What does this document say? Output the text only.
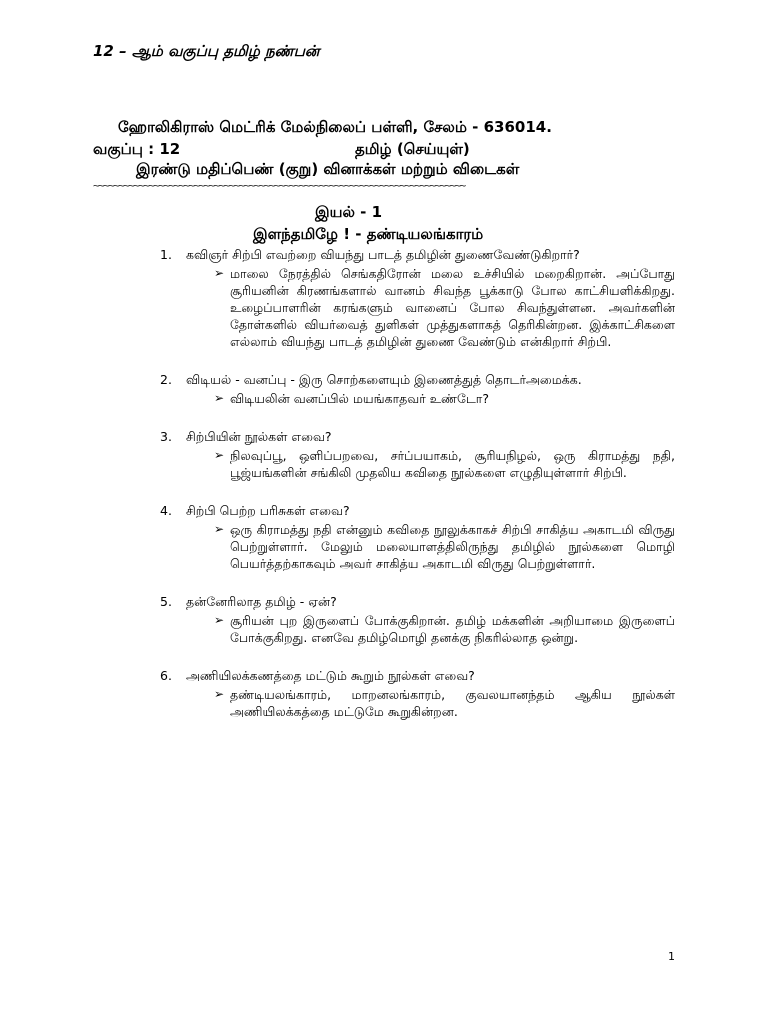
12 – ஆம் வகுப்பு தமிழ் நண்பன்
ஹோலிகிராஸ் மெட்ரிக் மேல்நிலைப் பள்ளி, சேலம் - 636014.
வகுப்பு : 12	தமிழ் (செய்யுள்)
இரண்டு மதிப்பெண் (குறு) வினாக்கள் மற்றும் விடைகள்
~~~~~~~~~~~~~~~~~~~~~~~~~~~~~~~~~~~~~~~~~~~~~~~~~~~~~~~~~~~~~~~~~~~~~~~~~~
இயல் - 1
இளந்தமிழே ! - தண்டியலங்காரம்
1.	கவிஞர் சிற்பி எவற்றை வியந்து பாடத் தமிழின் துணைவேண்டுகிறார்?
➢ மாலை நேரத்தில் செங்கதிரோன் மலை உச்சியில் மறைகிறான். அப்போது சூரியனின் கிரணங்களால் வானம் சிவந்த பூக்காடு போல காட்சியளிக்கிறது. உழைப்பாளரின் கரங்களும் வானைப் போல சிவந்துள்ளன. அவர்களின் தோள்களில் வியர்வைத் துளிகள் முத்துகளாகத் தெரிகின்றன. இக்காட்சிகளை எல்லாம் வியந்து பாடத் தமிழின் துணை வேண்டும் என்கிறார் சிற்பி.
2.	விடியல் - வனப்பு - இரு சொற்களையும் இணைத்துத் தொடர்அமைக்க.
➢ விடியலின் வனப்பில் மயங்காதவர் உண்டோ?
3.	சிற்பியின் நூல்கள் எவை?
➢ நிலவுப்பூ, ஒளிப்பறவை, சர்ப்பயாகம், சூரியநிழல், ஒரு கிராமத்து நதி, பூஜ்யங்களின் சங்கிலி முதலிய கவிதை நூல்களை எழுதியுள்ளார் சிற்பி.
4.	சிற்பி பெற்ற பரிசுகள் எவை?
➢ ஒரு கிராமத்து நதி என்னும் கவிதை நூலுக்காகச் சிற்பி சாகித்ய அகாடமி விருது பெற்றுள்ளார். மேலும் மலையாளத்திலிருந்து தமிழில் நூல்களை மொழி பெயர்த்தற்காகவும் அவர் சாகித்ய அகாடமி விருது பெற்றுள்ளார்.
5.	தன்னேரிலாத தமிழ் - ஏன்?
➢ சூரியன் புற இருளைப் போக்குகிறான். தமிழ் மக்களின் அறியாமை இருளைப் போக்குகிறது. எனவே தமிழ்மொழி தனக்கு நிகரில்லாத ஒன்று.
6.	அணியிலக்கணத்தை மட்டும் கூறும் நூல்கள் எவை?
➢ தண்டியலங்காரம், மாறனலங்காரம், குவலயானந்தம் ஆகிய நூல்கள் அணியிலக்கத்தை மட்டுமே கூறுகின்றன.
1
